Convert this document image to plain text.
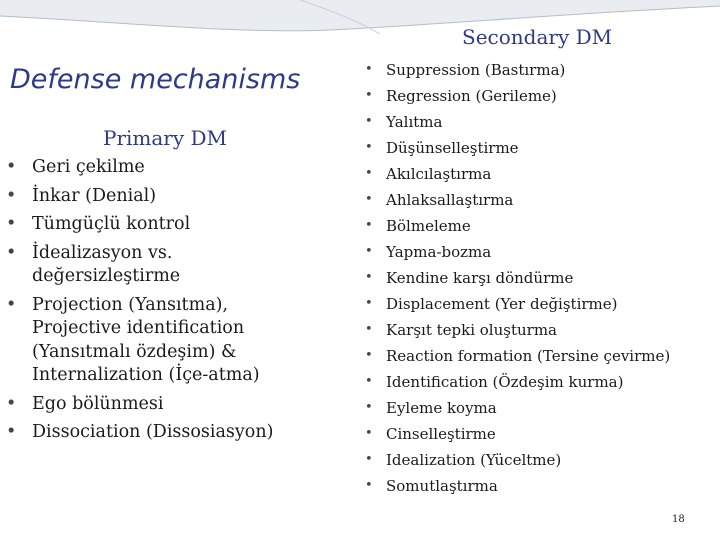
Defense mechanisms
Primary DM
• Geri çekilme
• İnkar (Denial)
• Tümgüçlü kontrol
• İdealizasyon vs. değersizleştirme
• Projection (Yansıtma), Projective identification (Yansıtmalı özdeşim) & Internalization (İçe-atma)
• Ego bölünmesi
• Dissociation (Dissosiasyon)
Secondary DM
• Suppression (Bastırma)
• Regression (Gerileme)
• Yalıtma
• Düşünselleştirme
• Akılcılaştırma
• Ahlaksallaştırma
• Bölmeleme
• Yapma-bozma
• Kendine karşı döndürme
• Displacement (Yer değiştirme)
• Karşıt tepki oluşturma
• Reaction formation (Tersine çevirme)
• Identification (Özdeşim kurma)
• Eyleme koyma
• Cinselleştirme
• Idealization (Yüceltme)
• Somutlaştırma
18
